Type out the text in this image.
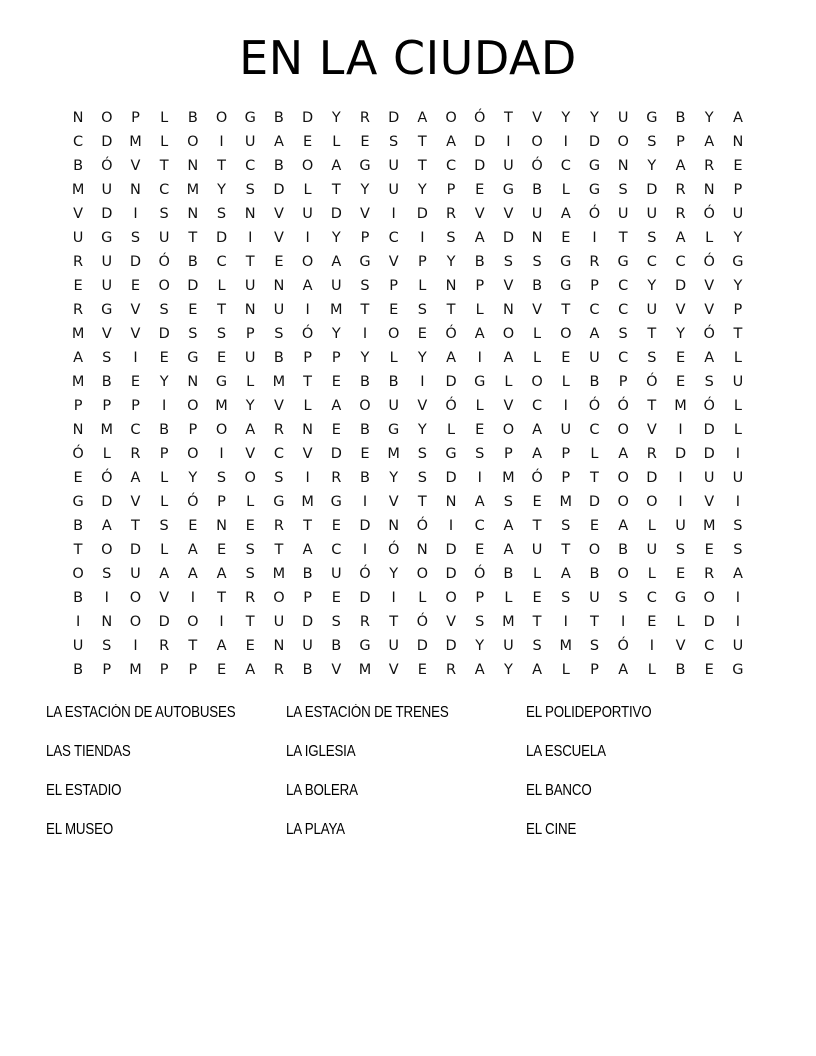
EN LA CIUDAD
N	O	P	L	B	O	G	B	D	Y	R	D	A	O	Ó	T	V	Y	Y	U	G	B	Y	A
C	D	M	L	O	I	U	A	E	L	E	S	T	A	D	I	O	I	D	O	S	P	A	N
B	Ó	V	T	N	T	C	B	O	A	G	U	T	C	D	U	Ó	C	G	N	Y	A	R	E
M	U	N	C	M	Y	S	D	L	T	Y	U	Y	P	E	G	B	L	G	S	D	R	N	P
V	D	I	S	N	S	N	V	U	D	V	I	D	R	V	V	U	A	Ó	U	U	R	Ó	U
U	G	S	U	T	D	I	V	I	Y	P	C	I	S	A	D	N	E	I	T	S	A	L	Y
R	U	D	Ó	B	C	T	E	O	A	G	V	P	Y	B	S	S	G	R	G	C	C	Ó	G
E	U	E	O	D	L	U	N	A	U	S	P	L	N	P	V	B	G	P	C	Y	D	V	Y
R	G	V	S	E	T	N	U	I	M	T	E	S	T	L	N	V	T	C	C	U	V	V	P
M	V	V	D	S	S	P	S	Ó	Y	I	O	E	Ó	A	O	L	O	A	S	T	Y	Ó	T
A	S	I	E	G	E	U	B	P	P	Y	L	Y	A	I	A	L	E	U	C	S	E	A	L
M	B	E	Y	N	G	L	M	T	E	B	B	I	D	G	L	O	L	B	P	Ó	E	S	U
P	P	P	I	O	M	Y	V	L	A	O	U	V	Ó	L	V	C	I	Ó	Ó	T	M	Ó	L
N	M	C	B	P	O	A	R	N	E	B	G	Y	L	E	O	A	U	C	O	V	I	D	L
Ó	L	R	P	O	I	V	C	V	D	E	M	S	G	S	P	A	P	L	A	R	D	D	I
E	Ó	A	L	Y	S	O	S	I	R	B	Y	S	D	I	M	Ó	P	T	O	D	I	U	U
G	D	V	L	Ó	P	L	G	M	G	I	V	T	N	A	S	E	M	D	O	O	I	V	I
B	A	T	S	E	N	E	R	T	E	D	N	Ó	I	C	A	T	S	E	A	L	U	M	S
T	O	D	L	A	E	S	T	A	C	I	Ó	N	D	E	A	U	T	O	B	U	S	E	S
O	S	U	A	A	A	S	M	B	U	Ó	Y	O	D	Ó	B	L	A	B	O	L	E	R	A
B	I	O	V	I	T	R	O	P	E	D	I	L	O	P	L	E	S	U	S	C	G	O	I
I	N	O	D	O	I	T	U	D	S	R	T	Ó	V	S	M	T	I	T	I	E	L	D	I
U	S	I	R	T	A	E	N	U	B	G	U	D	D	Y	U	S	M	S	Ó	I	V	C	U
B	P	M	P	P	E	A	R	B	V	M	V	E	R	A	Y	A	L	P	A	L	B	E	G
LA ESTACIÓN DE AUTOBUSES	LA ESTACIÓN DE TRENES	EL POLIDEPORTIVO
LAS TIENDAS	LA IGLESIA	LA ESCUELA
EL ESTADIO	LA BOLERA	EL BANCO
EL MUSEO	LA PLAYA	EL CINE
